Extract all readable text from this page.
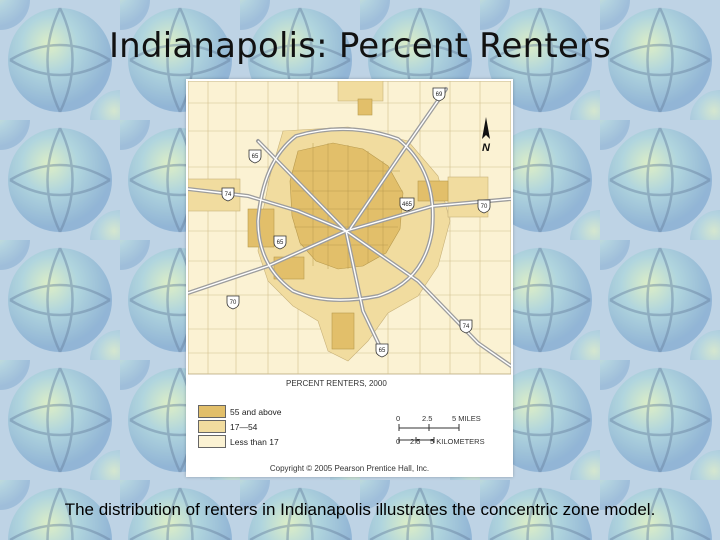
Indianapolis: Percent Renters
69
65
74
465	70
65
70
74
65
N
PERCENT RENTERS, 2000
55 and above
17—54
Less than 17
0	2.5	5 MILES
0 2.5 5 KILOMETERS
Copyright © 2005 Pearson Prentice Hall, Inc.
The distribution of renters in Indianapolis illustrates the concentric zone model.
